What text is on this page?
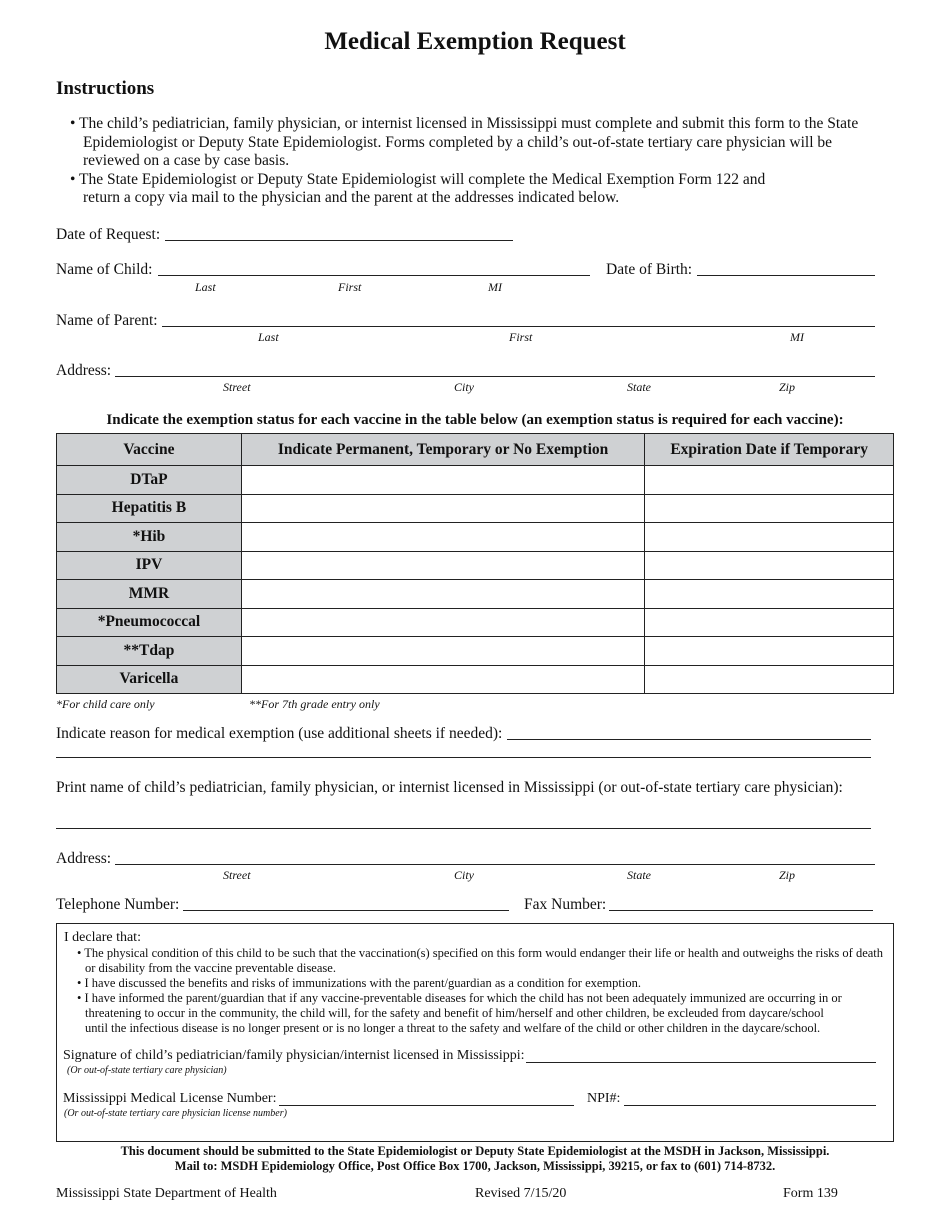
Medical Exemption Request
Instructions

• The child’s pediatrician, family physician, or internist licensed in Mississippi must complete and submit this form to the State Epidemiologist or Deputy State Epidemiologist. Forms completed by a child’s out-of-state tertiary care physician will be reviewed on a case by case basis.

• The State Epidemiologist or Deputy State Epidemiologist will complete the Medical Exemption Form 122 and return a copy via mail to the physician and the parent at the addresses indicated below.

Date of Request:
Name of Child:	Date of Birth:
Last	First	MI
Name of Parent:
Last	First	MI
Address:
Street	City	State	Zip
Indicate the exemption status for each vaccine in the table below (an exemption status is required for each vaccine):
Vaccine	Indicate Permanent, Temporary or No Exemption	Expiration Date if Temporary
DTaP		
Hepatitis B		
*Hib		
IPV		
MMR		
*Pneumococcal		
**Tdap		
Varicella		
*For child care only	**For 7th grade entry only
Indicate reason for medical exemption (use additional sheets if needed):
Print name of child’s pediatrician, family physician, or internist licensed in Mississippi (or out-of-state tertiary care physician):
Address:
Street	City	State	Zip
Telephone Number:	Fax Number:
I declare that:

• The physical condition of this child to be such that the vaccination(s) specified on this form would endanger their life or health and outweighs the risks of death or disability from the vaccine preventable disease.

• I have discussed the benefits and risks of immunizations with the parent/guardian as a condition for exemption.

• I have informed the parent/guardian that if any vaccine-preventable diseases for which the child has not been adequately immunized are occurring in or threatening to occur in the community, the child will, for the safety and benefit of him/herself and other children, be excleuded from daycare/school until the infectious disease is no longer present or is no longer a threat to the safety and welfare of the child or other children in the daycare/school.

Signature of child’s pediatrician/family physician/internist licensed in Mississippi:
(Or out-of-state tertiary care physician)
Mississippi Medical License Number:
(Or out-of-state tertiary care physician license number)
NPI#:
This document should be submitted to the State Epidemiologist or Deputy State Epidemiologist at the MSDH in Jackson, Mississippi.
Mail to: MSDH Epidemiology Office, Post Office Box 1700, Jackson, Mississippi, 39215, or fax to (601) 714-8732.
Mississippi State Department of Health	Revised 7/15/20	Form 139
